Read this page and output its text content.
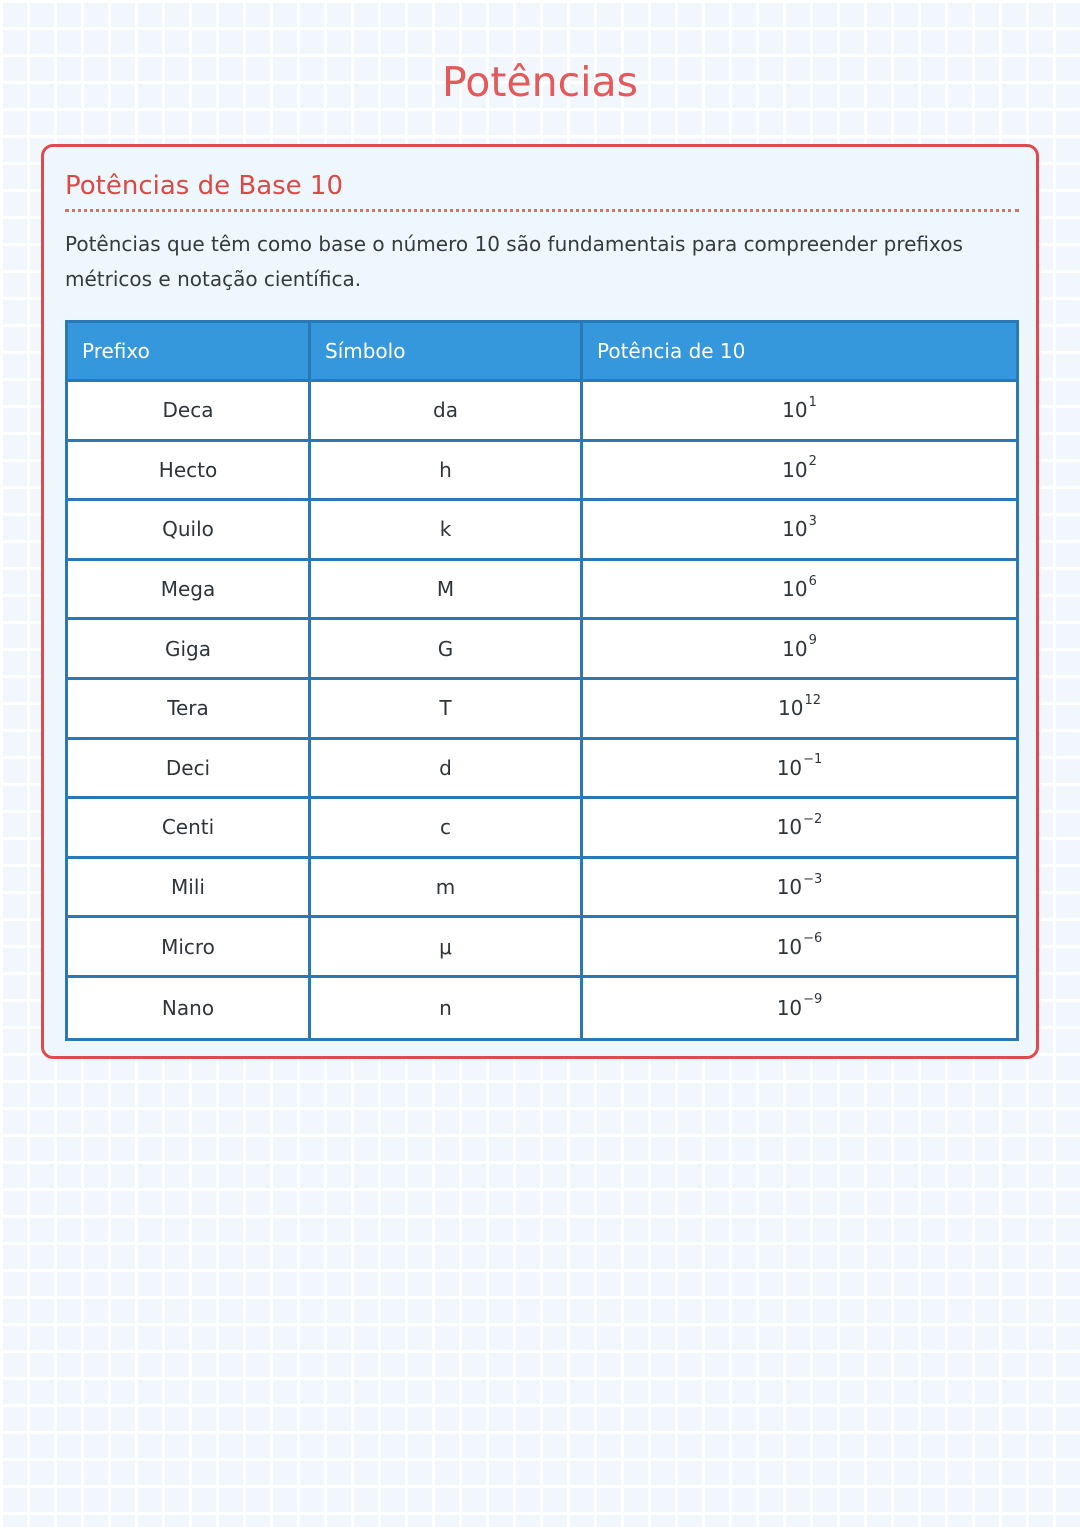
Potências
Potências de Base 10

Potências que têm como base o número 10 são fundamentais para compreender prefixos métricos e notação científica.

Prefixo	Símbolo	Potência de 10
Deca	da	10 1
Hecto	h	10 2
Quilo	k	10 3
Mega	M	10 6
Giga	G	10 9
Tera	T	10 12
Deci	d	10 −1
Centi	c	10 −2
Mili	m	10 −3
Micro	μ	10 −6
Nano	n	10 −9
